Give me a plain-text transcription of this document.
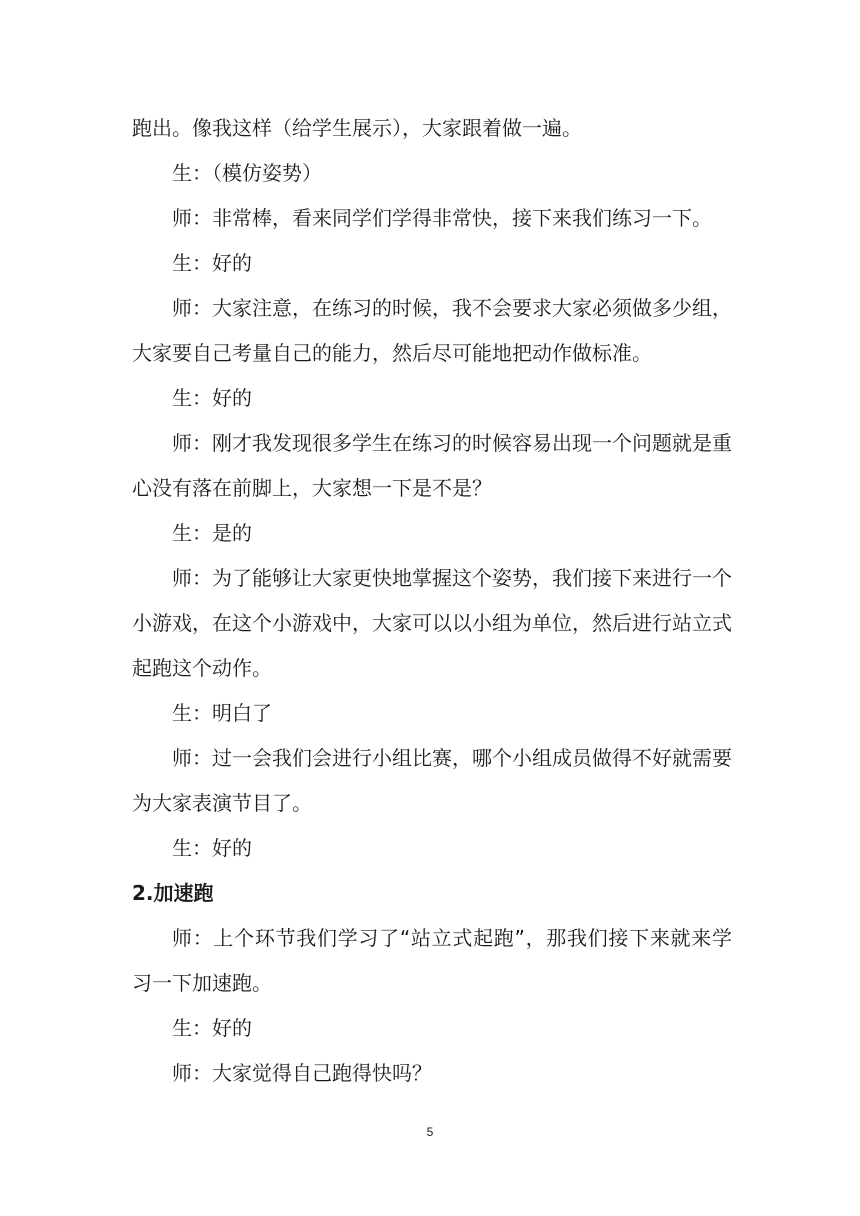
跑出。像我这样（给学生展示），大家跟着做一遍。

生：（模仿姿势）

师：非常棒，看来同学们学得非常快，接下来我们练习一下。

生：好的

师：大家注意，在练习的时候，我不会要求大家必须做多少组，大家要自己考量自己的能力，然后尽可能地把动作做标准。

生：好的

师：刚才我发现很多学生在练习的时候容易出现一个问题就是重心没有落在前脚上，大家想一下是不是？

生：是的

师：为了能够让大家更快地掌握这个姿势，我们接下来进行一个小游戏，在这个小游戏中，大家可以以小组为单位，然后进行站立式起跑这个动作。

生：明白了

师：过一会我们会进行小组比赛，哪个小组成员做得不好就需要为大家表演节目了。

生：好的

2.加速跑

师：上个环节我们学习了“站立式起跑”，那我们接下来就来学习一下加速跑。

生：好的

师：大家觉得自己跑得快吗？

5
